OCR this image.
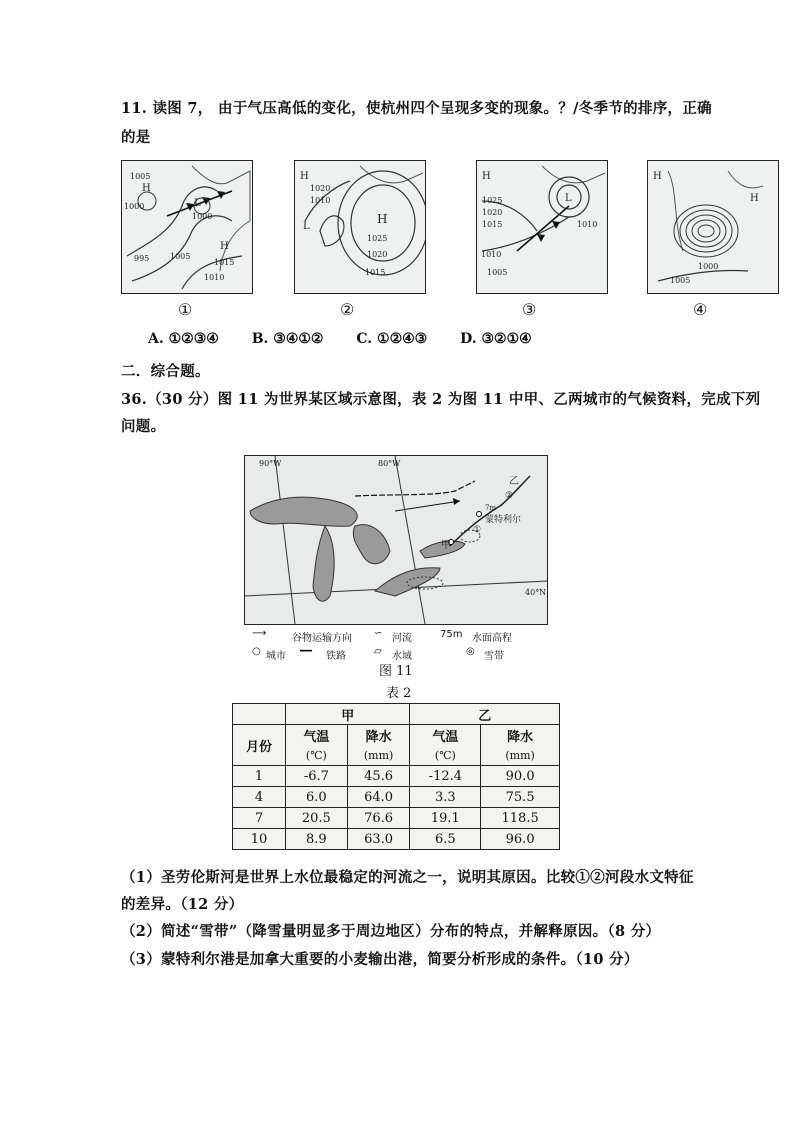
11. 读图 7， 由于气压高低的变化，使杭州四个呈现多变的现象。？/冬季节的排序，正确
的是
1005
H
1000	L
1000
H
995	1005
1015
1010
①
H
1020
1010
L
H
1025
1020
1015
②
H
1025
1020
1015
L
1010
1010
1005
③
H
H
1000
1005
④
A. ①②③④ B. ③④①② C. ①②④③ D. ③②①④
二．综合题。
36.（30 分）图 11 为世界某区域示意图，表 2 为图 11 中甲、乙两城市的气候资料，完成下列
问题。
90°W	80°W
40°N
乙
②
7m
蒙特利尔
①
甲
⟶	谷物运输方向 ∽ 河流	75m 水面高程
○ 城市 ━━ 铁路	▱ 水域	◎ 雪带
图 11
表 2
	甲		乙	
月份	气温	降水	气温	降水
	(℃)	(mm)	(℃)	(mm)
1	-6.7	45.6	-12.4	90.0
4	6.0	64.0	3.3	75.5
7	20.5	76.6	19.1	118.5
10	8.9	63.0	6.5	96.0
（1）圣劳伦斯河是世界上水位最稳定的河流之一，说明其原因。比较①②河段水文特征
的差异。（12 分）
（2）简述“雪带”（降雪量明显多于周边地区）分布的特点，并解释原因。（8 分）
（3）蒙特利尔港是加拿大重要的小麦输出港，简要分析形成的条件。（10 分）
